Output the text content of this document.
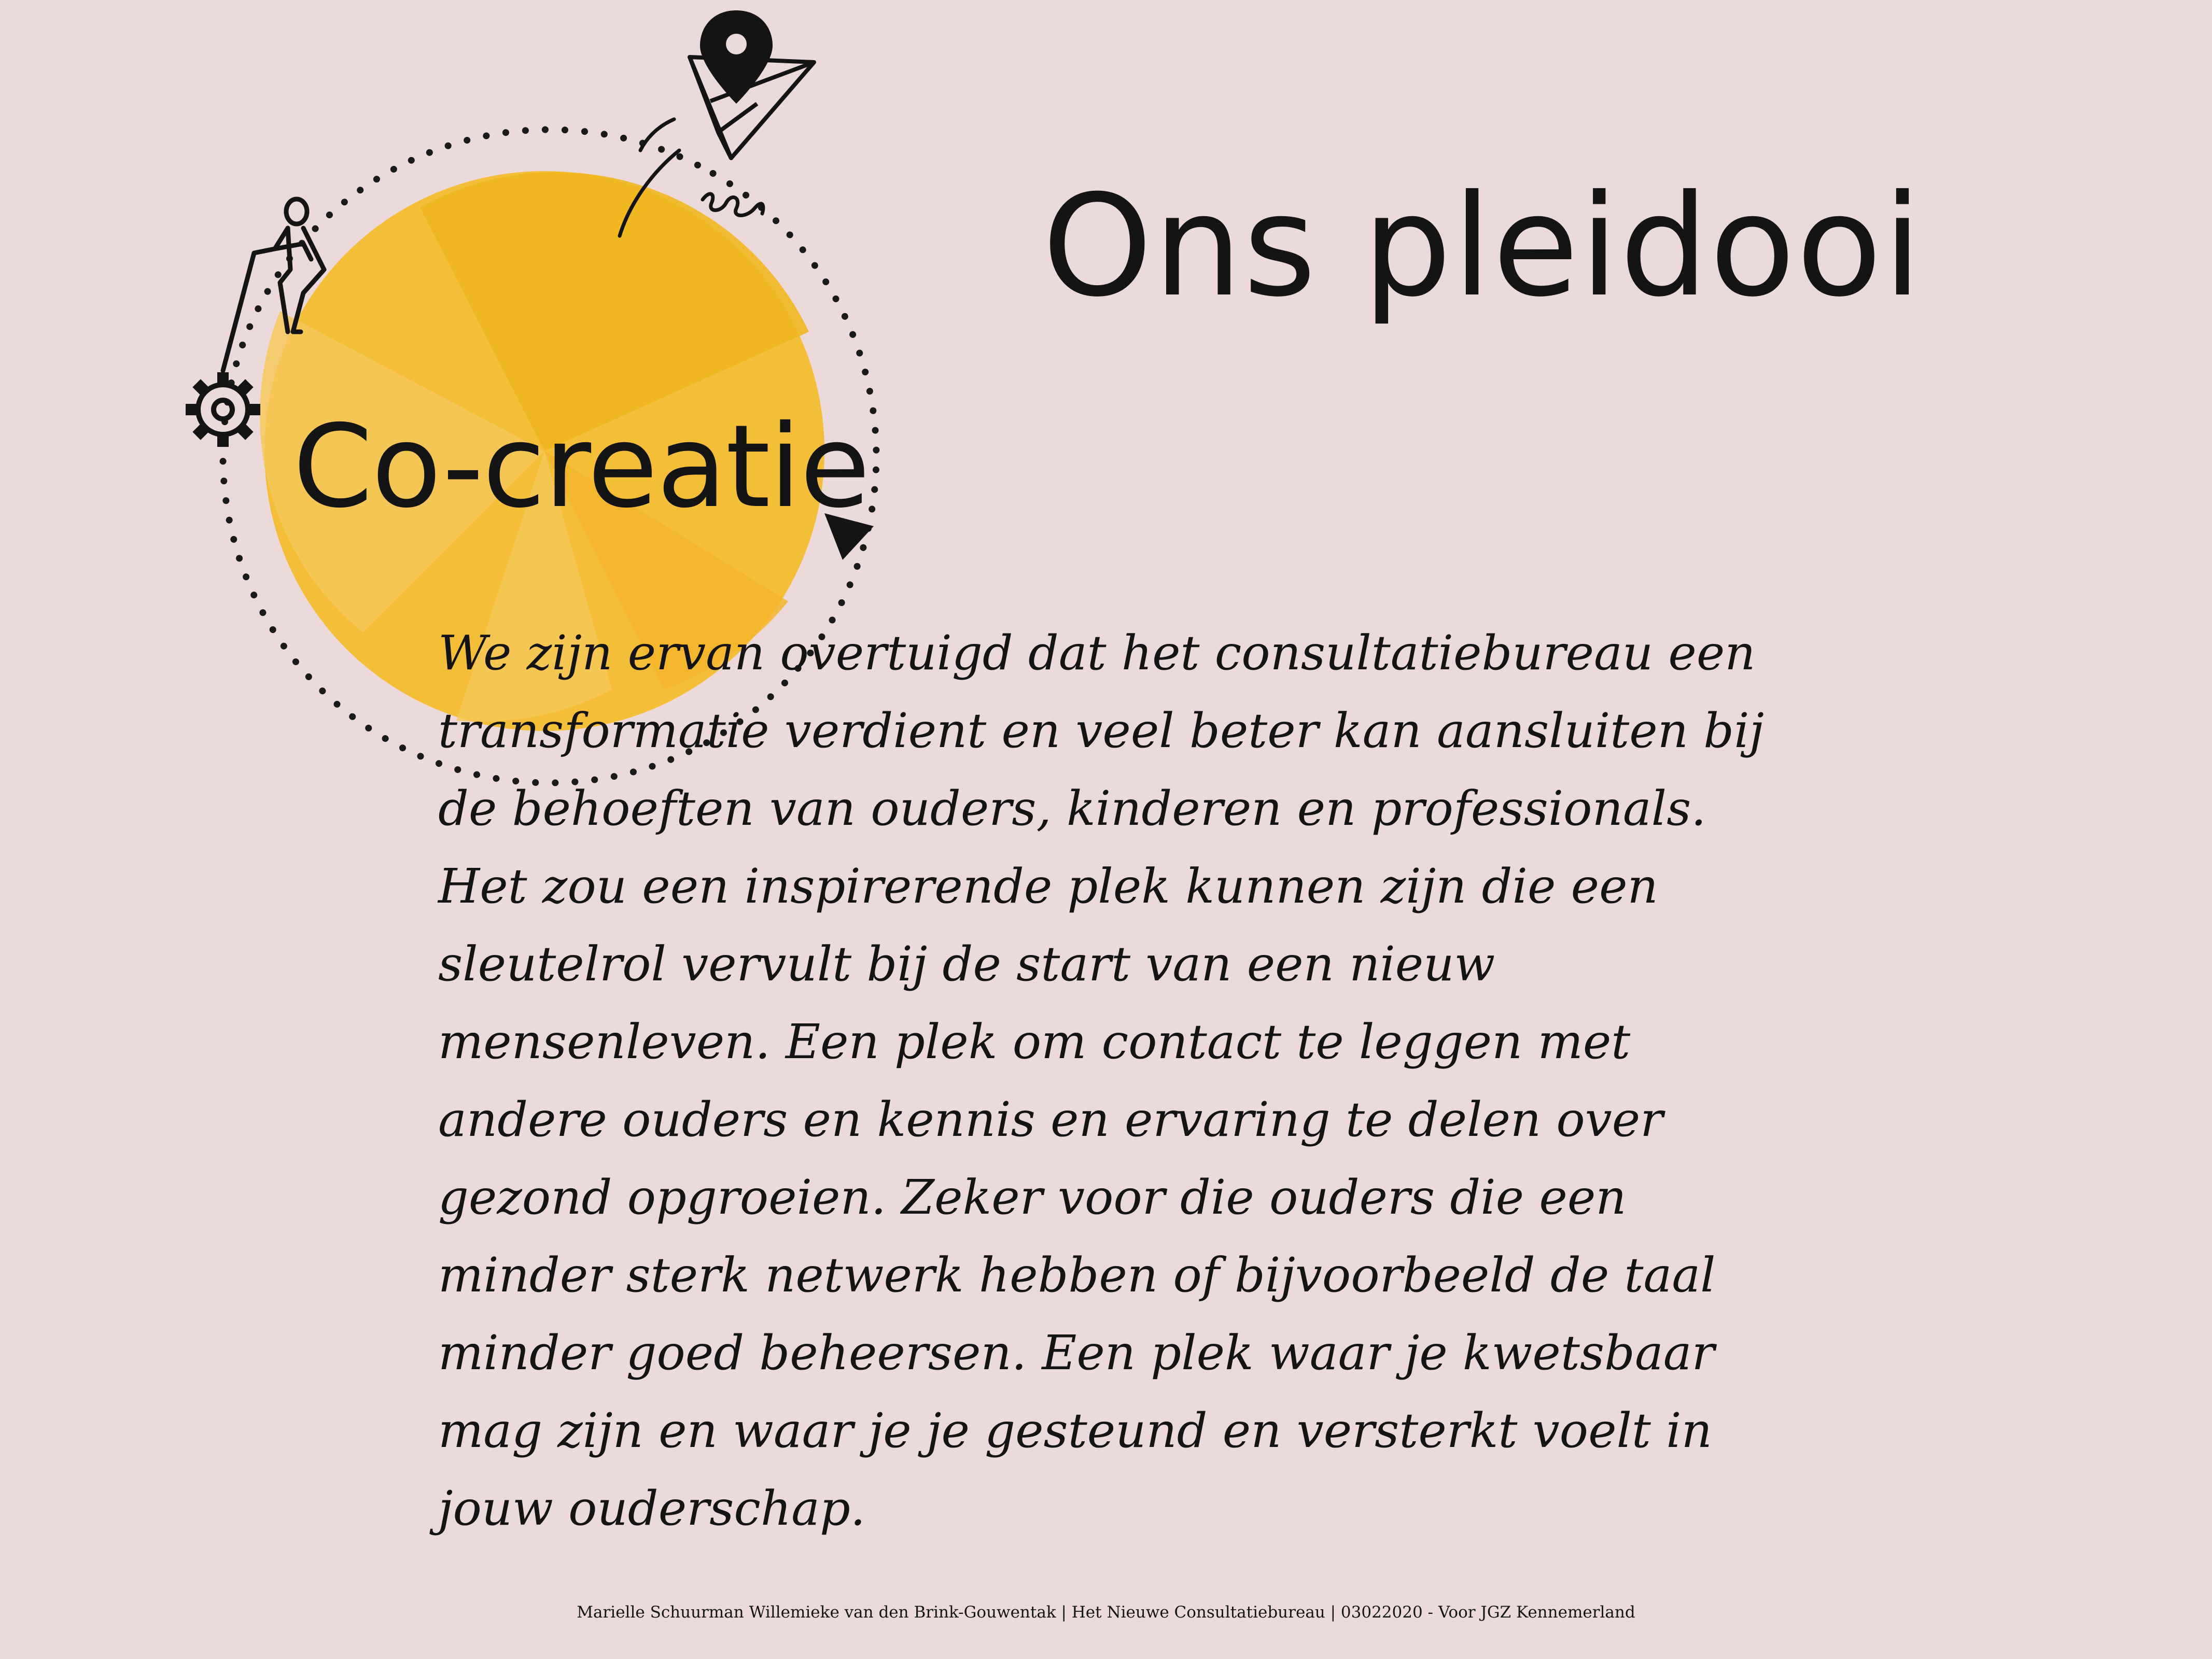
Ons pleidooi

Co-creatie

We zijn ervan overtuigd dat het consultatiebureau een transformatie verdient en veel beter kan aansluiten bij de behoeften van ouders, kinderen en professionals. Het zou een inspirerende plek kunnen zijn die een sleutelrol vervult bij de start van een nieuw mensenleven. Een plek om contact te leggen met andere ouders en kennis en ervaring te delen over gezond opgroeien. Zeker voor die ouders die een minder sterk netwerk hebben of bijvoorbeeld de taal minder goed beheersen. Een plek waar je kwetsbaar mag zijn en waar je je gesteund en versterkt voelt in jouw ouderschap.

Marielle Schuurman Willemieke van den Brink-Gouwentak | Het Nieuwe Consultatiebureau | 03022020 - Voor JGZ Kennemerland
